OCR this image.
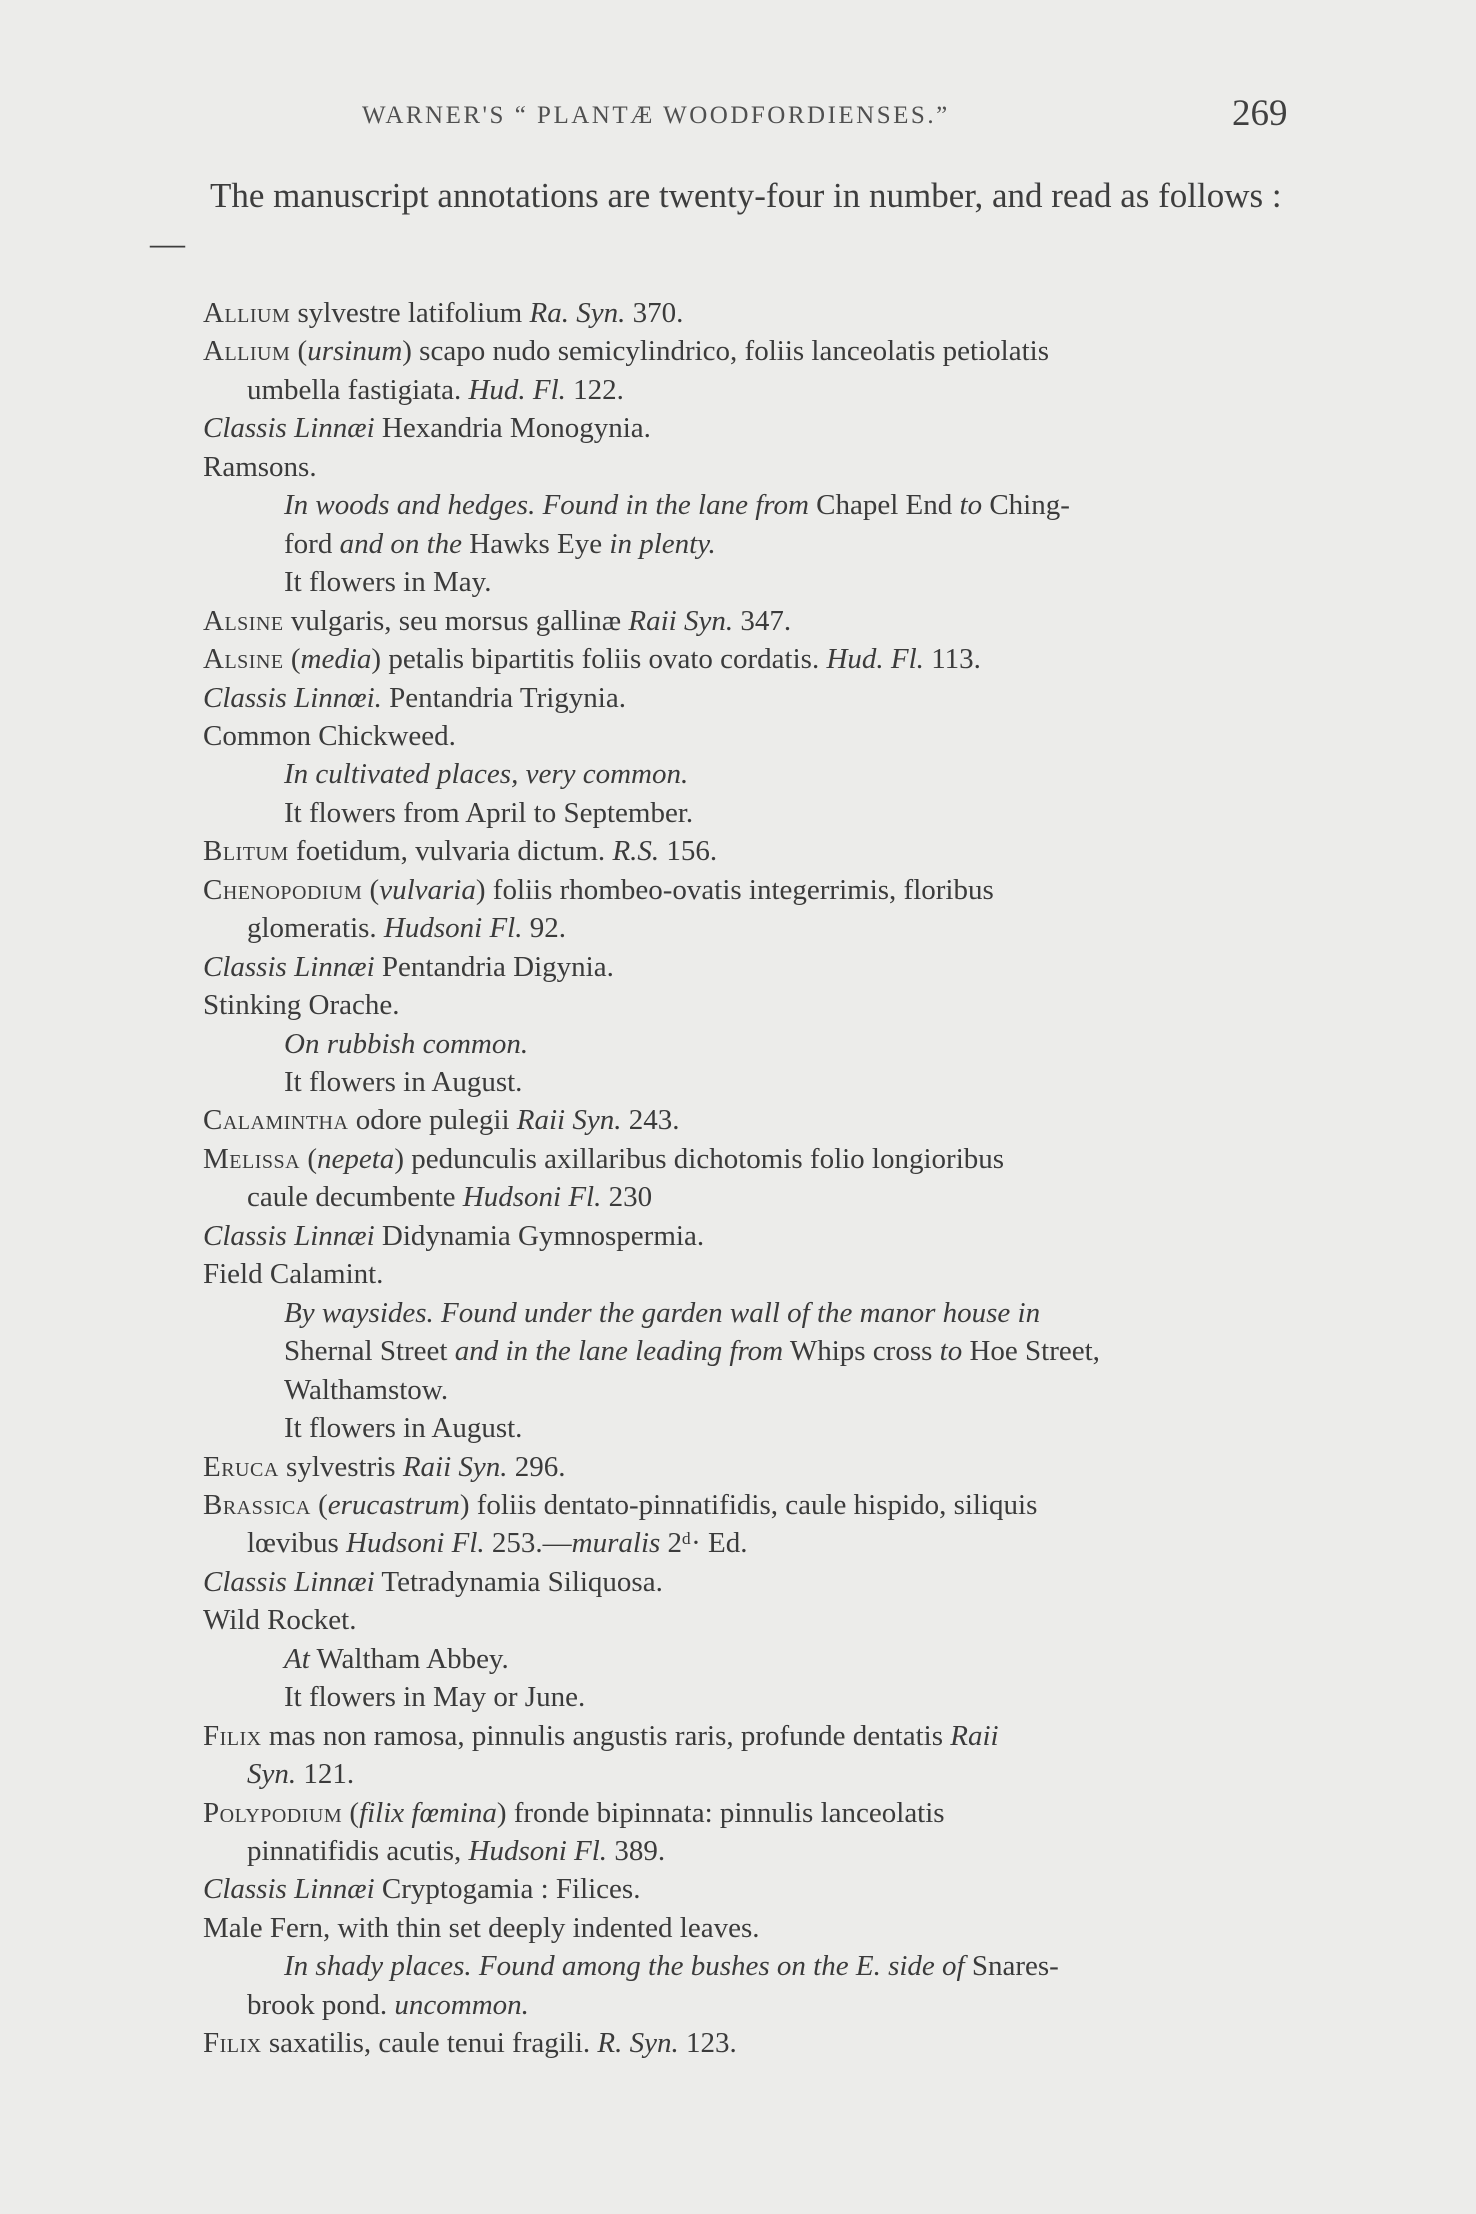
WARNER'S “ PLANTÆ WOODFORDIENSES.”	269
The manuscript annotations are twenty-four in number, and read as follows :—
Allium sylvestre latifolium Ra. Syn. 370.
Allium (ursinum) scapo nudo semicylindrico, foliis lanceolatis petiolatis
umbella fastigiata. Hud. Fl. 122.
Classis Linnæi Hexandria Monogynia.
Ramsons.
In woods and hedges. Found in the lane from Chapel End to Ching-
ford and on the Hawks Eye in plenty.
It flowers in May.
Alsine vulgaris, seu morsus gallinæ Raii Syn. 347.
Alsine (media) petalis bipartitis foliis ovato cordatis. Hud. Fl. 113.
Classis Linnœi. Pentandria Trigynia.
Common Chickweed.
In cultivated places, very common.
It flowers from April to September.
Blitum foetidum, vulvaria dictum. R.S. 156.
Chenopodium (vulvaria) foliis rhombeo-ovatis integerrimis, floribus
glomeratis. Hudsoni Fl. 92.
Classis Linnæi Pentandria Digynia.
Stinking Orache.
On rubbish common.
It flowers in August.
Calamintha odore pulegii Raii Syn. 243.
Melissa (nepeta) pedunculis axillaribus dichotomis folio longioribus
caule decumbente Hudsoni Fl. 230
Classis Linnæi Didynamia Gymnospermia.
Field Calamint.
By waysides. Found under the garden wall of the manor house in
Shernal Street and in the lane leading from Whips cross to Hoe Street,
Walthamstow.
It flowers in August.
Eruca sylvestris Raii Syn. 296.
Brassica (erucastrum) foliis dentato-pinnatifidis, caule hispido, siliquis
lœvibus Hudsoni Fl. 253.—muralis 2ᵈ· Ed.
Classis Linnæi Tetradynamia Siliquosa.
Wild Rocket.
At Waltham Abbey.
It flowers in May or June.
Filix mas non ramosa, pinnulis angustis raris, profunde dentatis Raii
Syn. 121.
Polypodium (filix fœmina) fronde bipinnata: pinnulis lanceolatis
pinnatifidis acutis, Hudsoni Fl. 389.
Classis Linnæi Cryptogamia : Filices.
Male Fern, with thin set deeply indented leaves.
In shady places. Found among the bushes on the E. side of Snares-
brook pond. uncommon.
Filix saxatilis, caule tenui fragili. R. Syn. 123.
